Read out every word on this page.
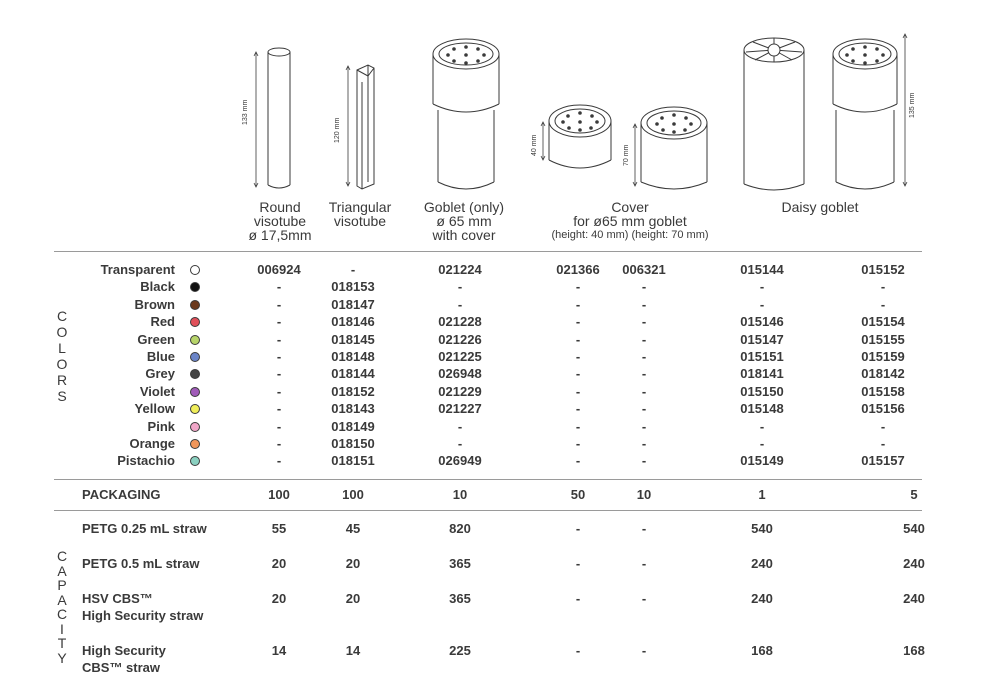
133 mm
120 mm
40 mm	70 mm
135 mm
Round
visotube
ø 17,5mm
Triangular
visotube
Goblet (only)
ø 65 mm
with cover
Cover
for ø65 mm goblet
(height: 40 mm) (height: 70 mm)
Daisy goblet
C
O
L
O
R
S
C
A
P
A
C
I
T
Y
Transparent	006924	-	021224	021366 006321	015144	015152
Black	-	018153	-	-	-	-	-
Brown	-	018147	-	-	-	-	-
Red	-	018146	021228	-	-	015146	015154
Green	-	018145	021226	-	-	015147	015155
Blue	-	018148	021225	-	-	015151	015159
Grey	-	018144	026948	-	-	018141	018142
Violet	-	018152	021229	-	-	015150	015158
Yellow	-	018143	021227	-	-	015148	015156
Pink	-	018149	-	-	-	-	-
Orange	-	018150	-	-	-	-	-
Pistachio	-	018151	026949	-	-	015149	015157
PACKAGING	100	100	10	50	10	1	5
PETG 0.25 mL straw	55	45	820	-	-	540	540
PETG 0.5 mL straw	20	20	365	-	-	240	240
HSV CBS™
High Security straw
20	20	365	-	-	240	240
High Security
CBS™ straw
14	14	225	-	-	168	168
